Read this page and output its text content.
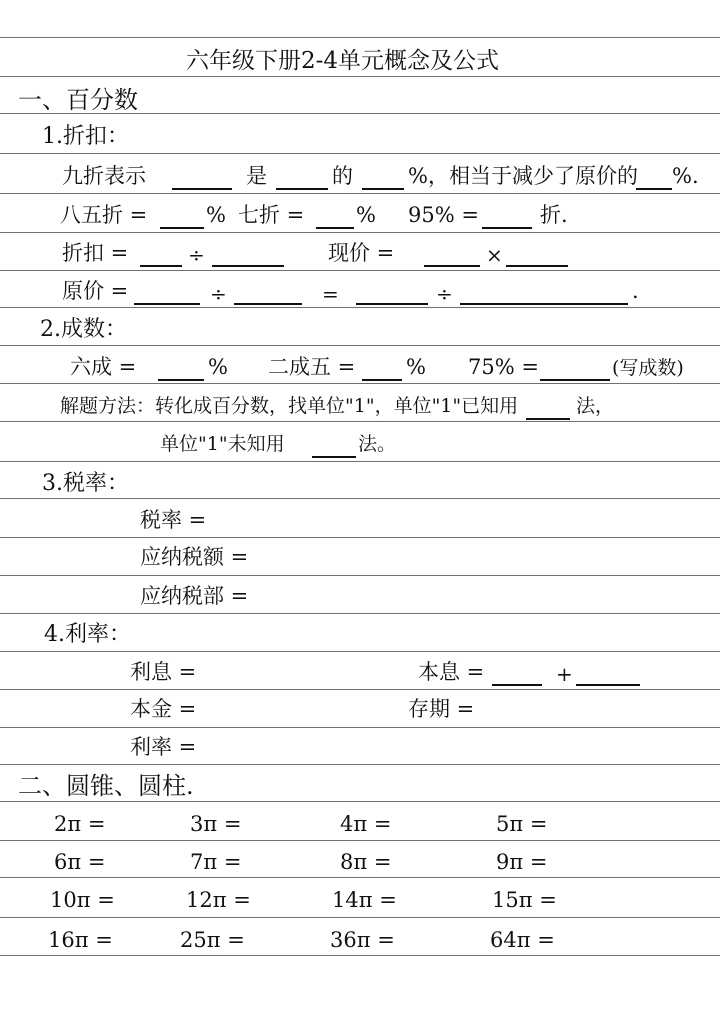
六年级下册2-4单元概念及公式
一、百分数
1.折扣：
九折表示	是	的	%，相当于减少了原价的 %.
八五折 =	% 七折 = % 95% =	折.
折扣 =	÷	现价 =	×
原价 =	÷	=	÷	.
2.成数：
六成 =	% 二成五 = % 75% =	(写成数)
解题方法：转化成百分数，找单位"1"，单位"1"已知用	法，
单位"1"未知用	法。
3.税率：
税率 =
应纳税额 =
应纳税部 =
4.利率：
利息 =	本息 =	+
本金 =	存期 =
利率 =
二、圆锥、圆柱.
2π =	3π =	4π =	5π =
6π =	7π =	8π =	9π =
10π =	12π =	14π =	15π =
16π =	25π =	36π =	64π =
